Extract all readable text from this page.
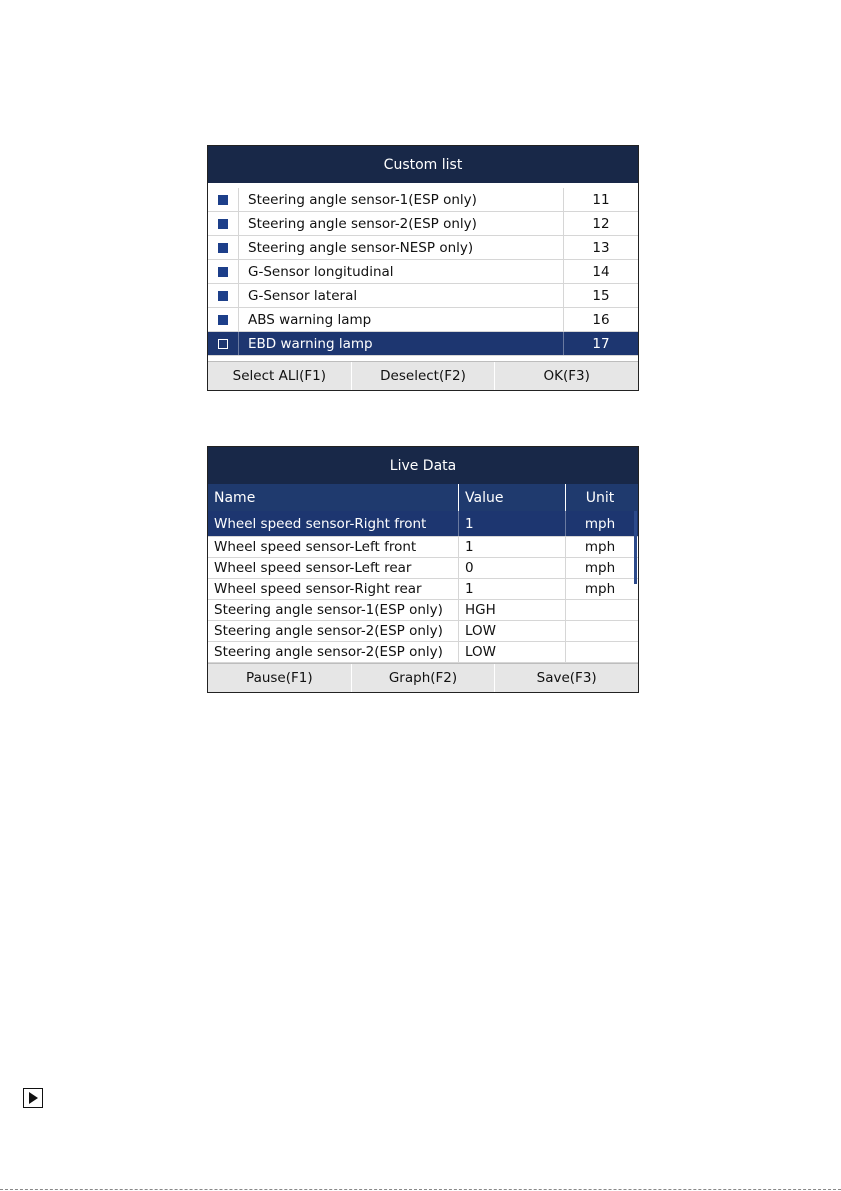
Custom list
Steering angle sensor-1(ESP only)	11
Steering angle sensor-2(ESP only)	12
Steering angle sensor-NESP only)	13
G-Sensor longitudinal	14
G-Sensor lateral	15
ABS warning lamp	16
EBD warning lamp	17
Select ALl(F1)	Deselect(F2)	OK(F3)
Live Data
Name	Value	Unit
Wheel speed sensor-Right front	1	mph
Wheel speed sensor-Left front	1	mph
Wheel speed sensor-Left rear	0	mph
Wheel speed sensor-Right rear	1	mph
Steering angle sensor-1(ESP only)	HGH
Steering angle sensor-2(ESP only)	LOW
Steering angle sensor-2(ESP only)	LOW
Pause(F1)	Graph(F2)	Save(F3)
